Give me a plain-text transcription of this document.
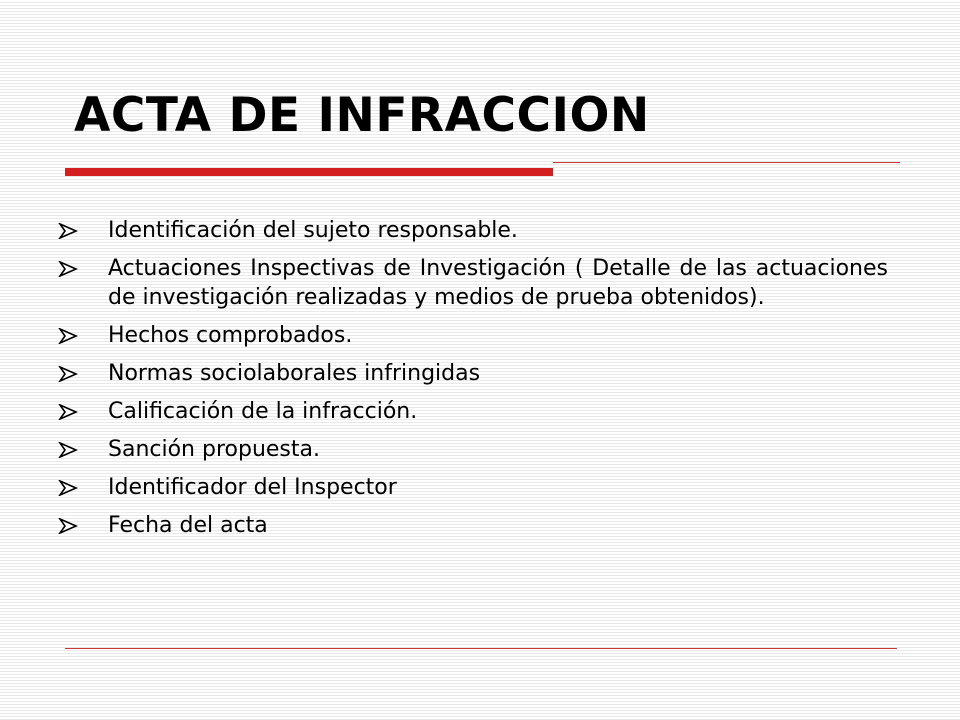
ACTA DE INFRACCION
Identificación del sujeto responsable.
Actuaciones Inspectivas de Investigación ( Detalle de las actuaciones de investigación realizadas y medios de prueba obtenidos).
Hechos comprobados.
Normas sociolaborales infringidas
Calificación de la infracción.
Sanción propuesta.
Identificador del Inspector
Fecha del acta
